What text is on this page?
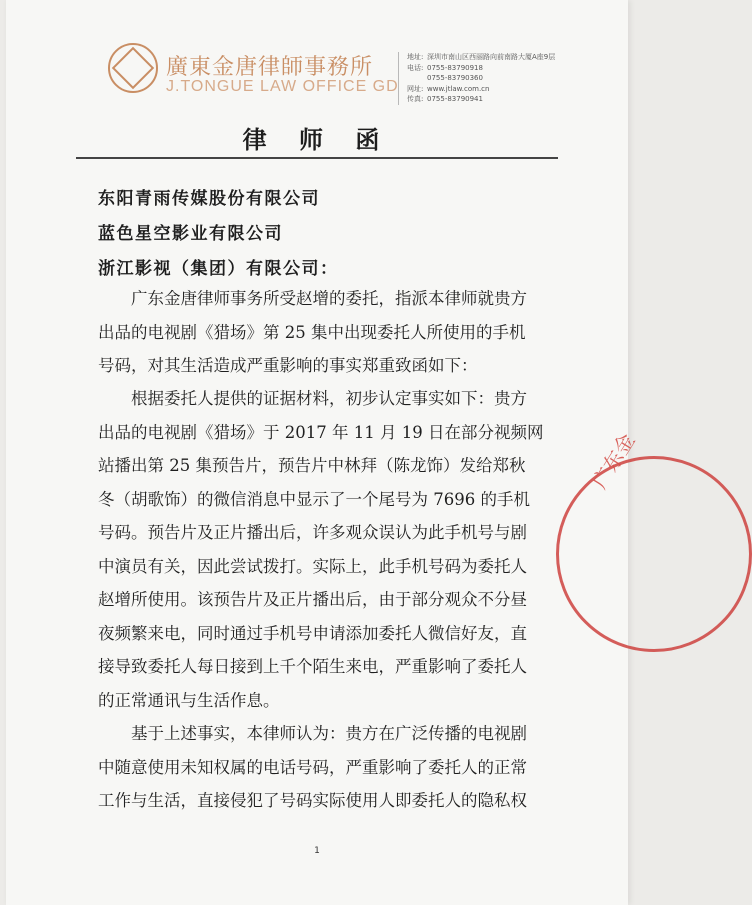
廣東金唐律師事務所
J.TONGUE LAW OFFICE GD
地址: 深圳市南山区西丽路向前南路大厦A座9层
电话: 0755-83790918
0755-83790360
网址: www.jtlaw.com.cn
传真: 0755-83790941
律 师 函
东阳青雨传媒股份有限公司
蓝色星空影业有限公司
浙江影视（集团）有限公司：
广东金唐律师事务所受赵增的委托，指派本律师就贵方
出品的电视剧《猎场》第 25 集中出现委托人所使用的手机
号码，对其生活造成严重影响的事实郑重致函如下：
根据委托人提供的证据材料，初步认定事实如下：贵方
出品的电视剧《猎场》于 2017 年 11 月 19 日在部分视频网
站播出第 25 集预告片，预告片中林拜（陈龙饰）发给郑秋
冬（胡歌饰）的微信消息中显示了一个尾号为 7696 的手机
号码。预告片及正片播出后，许多观众误认为此手机号与剧
中演员有关，因此尝试拨打。实际上，此手机号码为委托人
赵增所使用。该预告片及正片播出后，由于部分观众不分昼
夜频繁来电，同时通过手机号申请添加委托人微信好友，直
接导致委托人每日接到上千个陌生来电，严重影响了委托人
的正常通讯与生活作息。
基于上述事实，本律师认为：贵方在广泛传播的电视剧
中随意使用未知权属的电话号码，严重影响了委托人的正常
工作与生活，直接侵犯了号码实际使用人即委托人的隐私权
1
广东金
